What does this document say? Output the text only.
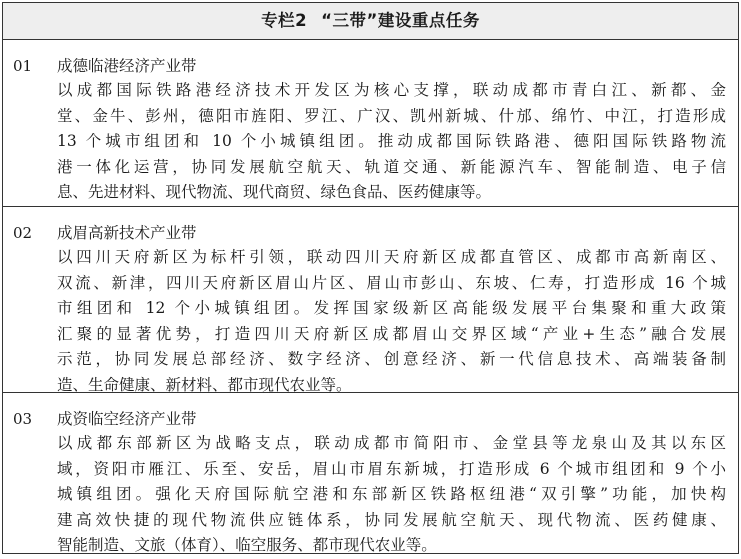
专栏2 “三带”建设重点任务
01 成德临港经济产业带
以成都国际铁路港经济技术开发区为核心支撑，联动成都市青白江、新都、金
堂、金牛、彭州，德阳市旌阳、罗江、广汉、凯州新城、什邡、绵竹、中江，打造形成
13 个城市组团和 10 个小城镇组团。推动成都国际铁路港、德阳国际铁路物流
港一体化运营，协同发展航空航天、轨道交通、新能源汽车、智能制造、电子信
息、先进材料、现代物流、现代商贸、绿色食品、医药健康等。
02 成眉高新技术产业带
以四川天府新区为标杆引领，联动四川天府新区成都直管区、成都市高新南区、
双流、新津，四川天府新区眉山片区、眉山市彭山、东坡、仁寿，打造形成 16 个城
市组团和 12 个小城镇组团。发挥国家级新区高能级发展平台集聚和重大政策
汇聚的显著优势，打造四川天府新区成都眉山交界区域“产业+生态”融合发展
示范，协同发展总部经济、数字经济、创意经济、新一代信息技术、高端装备制
造、生命健康、新材料、都市现代农业等。
03 成资临空经济产业带
以成都东部新区为战略支点，联动成都市简阳市、金堂县等龙泉山及其以东区
域，资阳市雁江、乐至、安岳，眉山市眉东新城，打造形成 6 个城市组团和 9 个小
城镇组团。强化天府国际航空港和东部新区铁路枢纽港“双引擎”功能，加快构
建高效快捷的现代物流供应链体系，协同发展航空航天、现代物流、医药健康、
智能制造、文旅（体育）、临空服务、都市现代农业等。
